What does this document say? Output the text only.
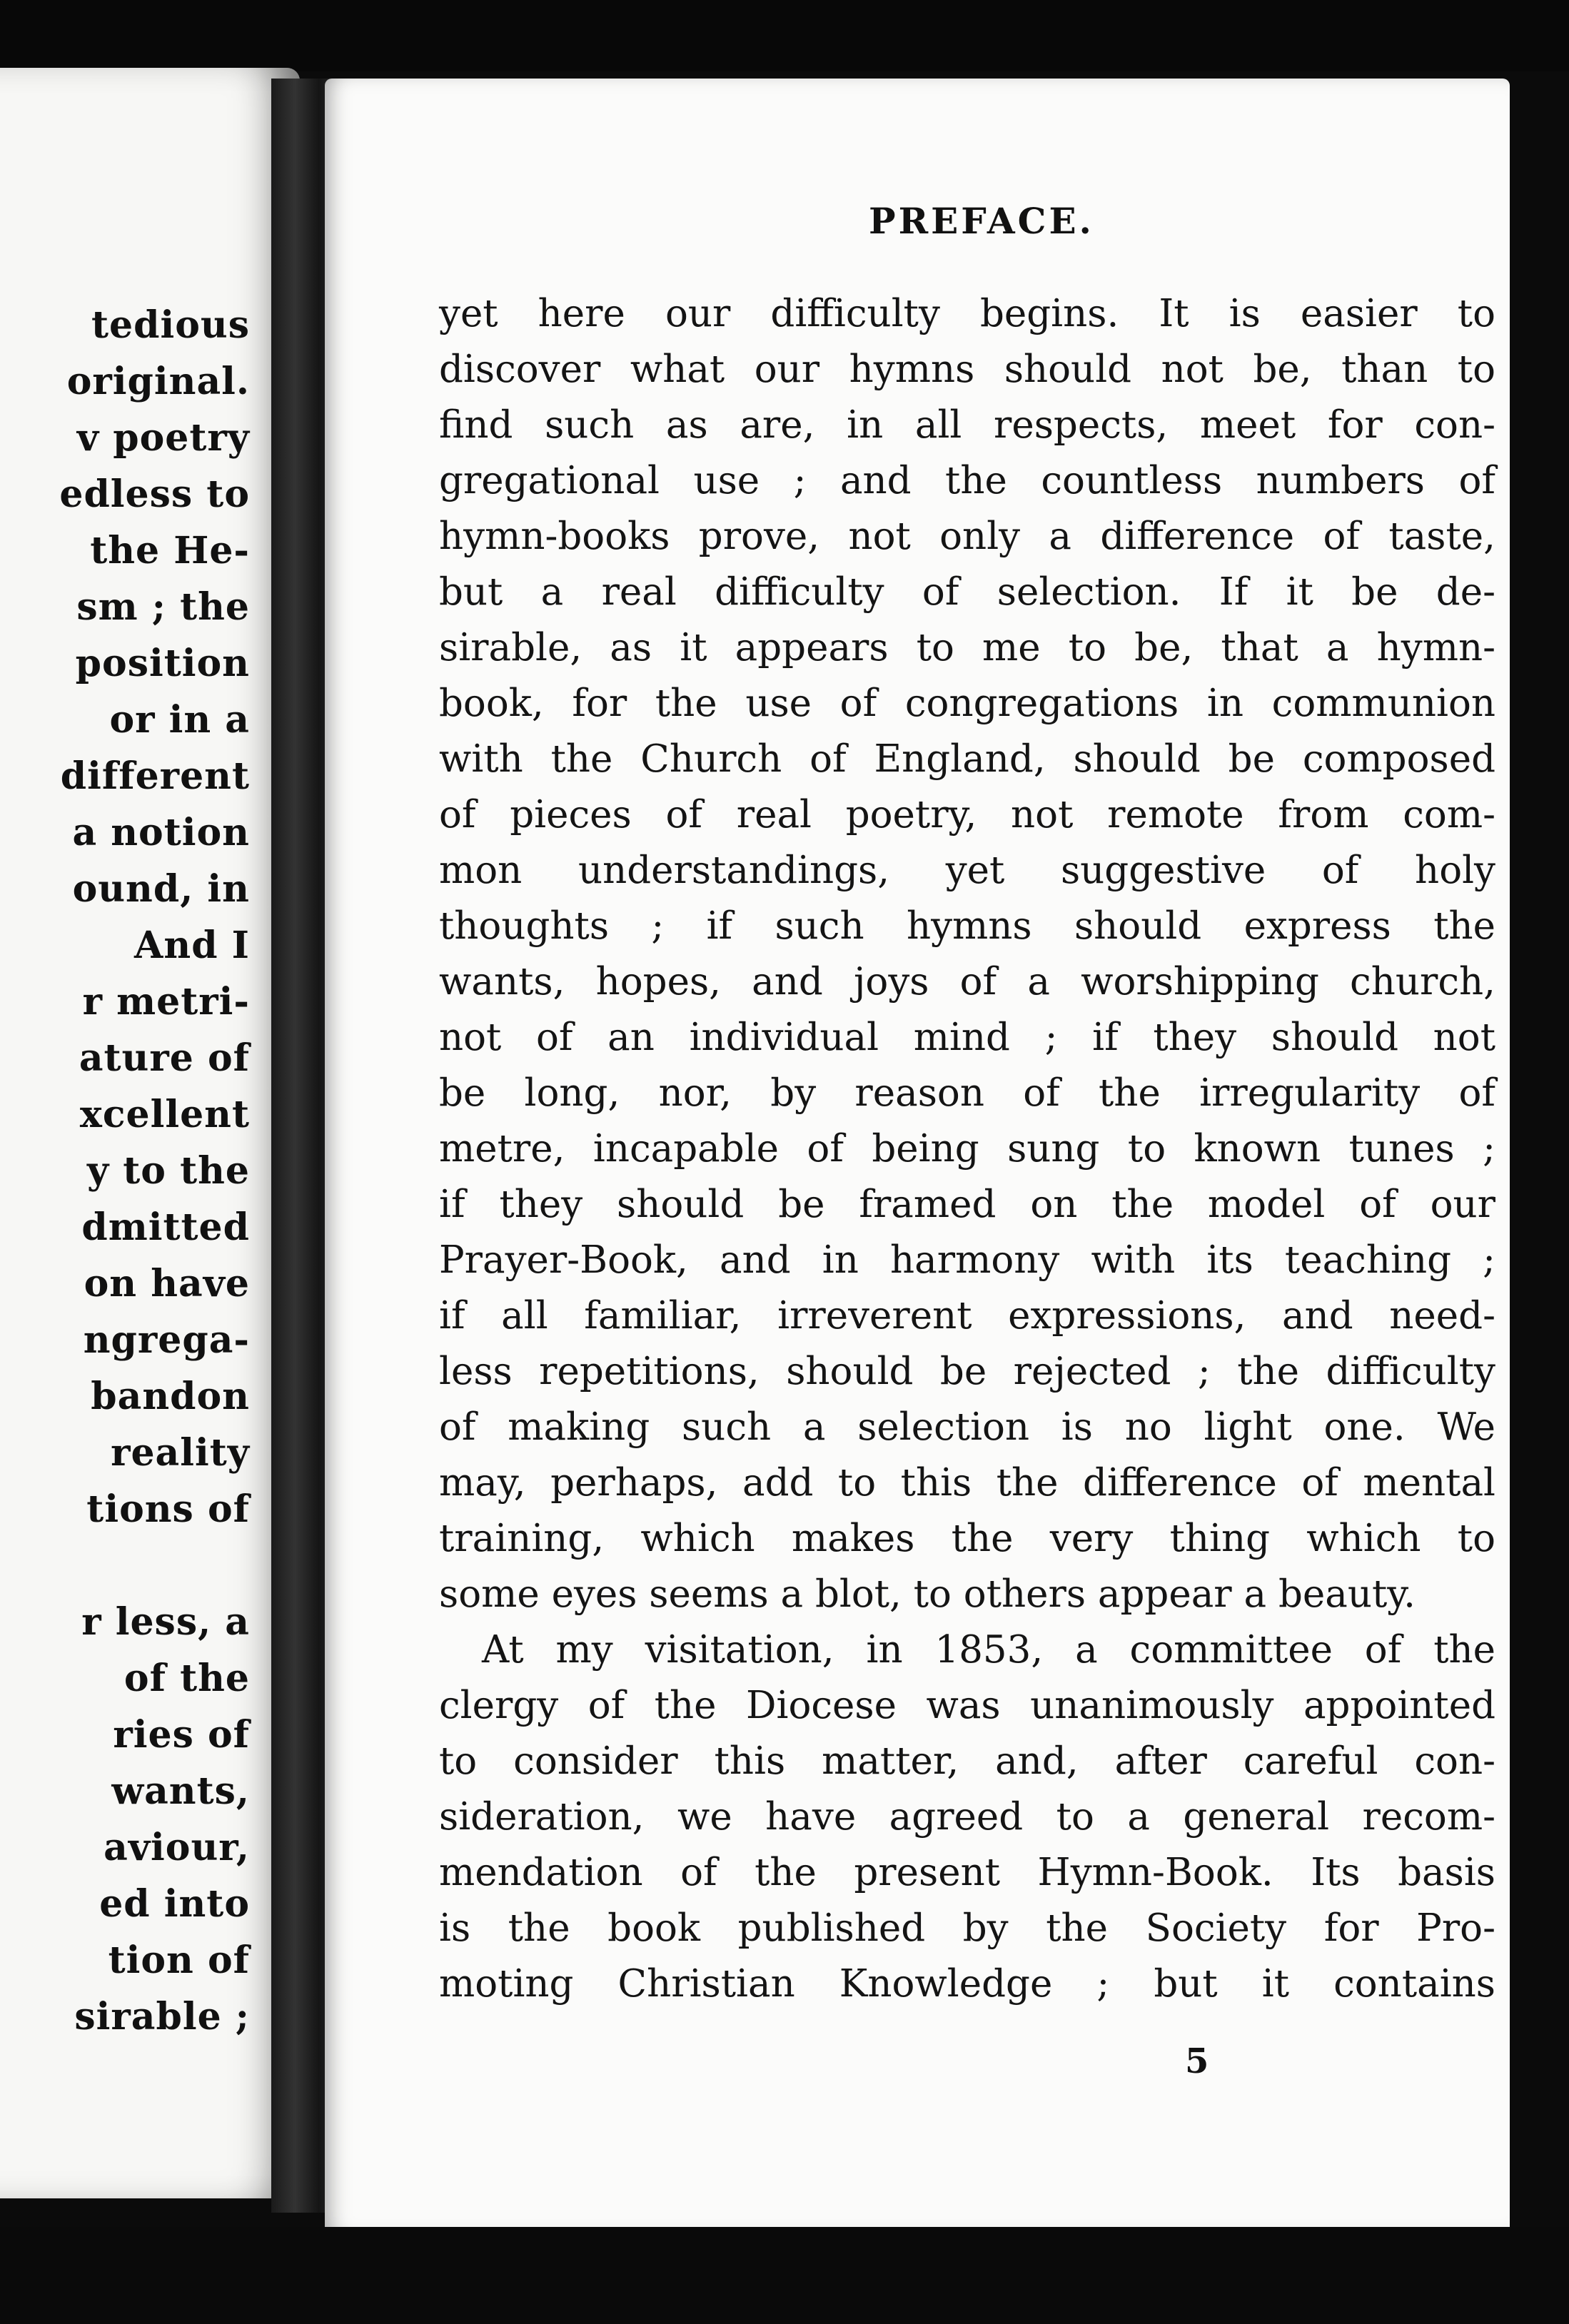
tedious
original.
v poetry
edless to
the He-
sm ; the
position
or in a
different
a notion
ound, in
And I
r metri-
ature of
xcellent
y to the
dmitted
on have
ngrega-
bandon
reality
tions of
r less, a
of the
ries of
wants,
aviour,
ed into
tion of
sirable ;
PREFACE.
yet here our difficulty begins. It is easier to
discover what our hymns should not be, than to
find such as are, in all respects, meet for con-
gregational use ; and the countless numbers of
hymn-books prove, not only a difference of taste,
but a real difficulty of selection. If it be de-
sirable, as it appears to me to be, that a hymn-
book, for the use of congregations in communion
with the Church of England, should be composed
of pieces of real poetry, not remote from com-
mon understandings, yet suggestive of holy
thoughts ; if such hymns should express the
wants, hopes, and joys of a worshipping church,
not of an individual mind ; if they should not
be long, nor, by reason of the irregularity of
metre, incapable of being sung to known tunes ;
if they should be framed on the model of our
Prayer-Book, and in harmony with its teaching ;
if all familiar, irreverent expressions, and need-
less repetitions, should be rejected ; the difficulty
of making such a selection is no light one. We
may, perhaps, add to this the difference of mental
training, which makes the very thing which to
some eyes seems a blot, to others appear a beauty.
At my visitation, in 1853, a committee of the
clergy of the Diocese was unanimously appointed
to consider this matter, and, after careful con-
sideration, we have agreed to a general recom-
mendation of the present Hymn-Book. Its basis
is the book published by the Society for Pro-
moting Christian Knowledge ; but it contains
5
